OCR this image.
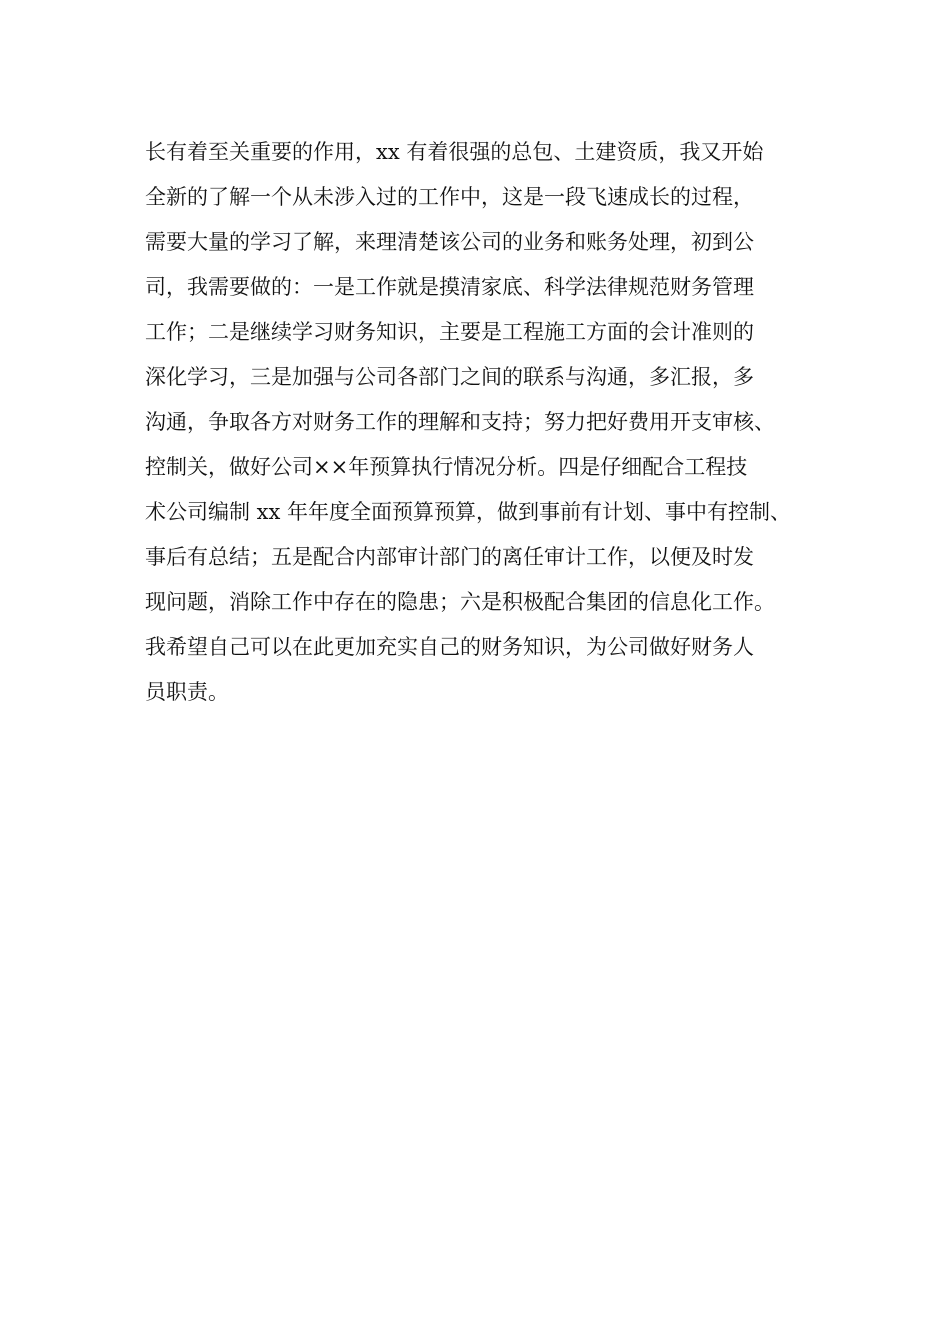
长有着至关重要的作用，xx 有着很强的总包、土建资质，我又开始
全新的了解一个从未涉入过的工作中，这是一段飞速成长的过程，
需要大量的学习了解，来理清楚该公司的业务和账务处理，初到公
司，我需要做的：一是工作就是摸清家底、科学法律规范财务管理
工作；二是继续学习财务知识，主要是工程施工方面的会计准则的
深化学习，三是加强与公司各部门之间的联系与沟通，多汇报，多
沟通，争取各方对财务工作的理解和支持；努力把好费用开支审核、
控制关，做好公司××年预算执行情况分析。四是仔细配合工程技
术公司编制 xx 年年度全面预算预算，做到事前有计划、事中有控制、
事后有总结；五是配合内部审计部门的离任审计工作，以便及时发
现问题，消除工作中存在的隐患；六是积极配合集团的信息化工作。
我希望自己可以在此更加充实自己的财务知识，为公司做好财务人
员职责。
